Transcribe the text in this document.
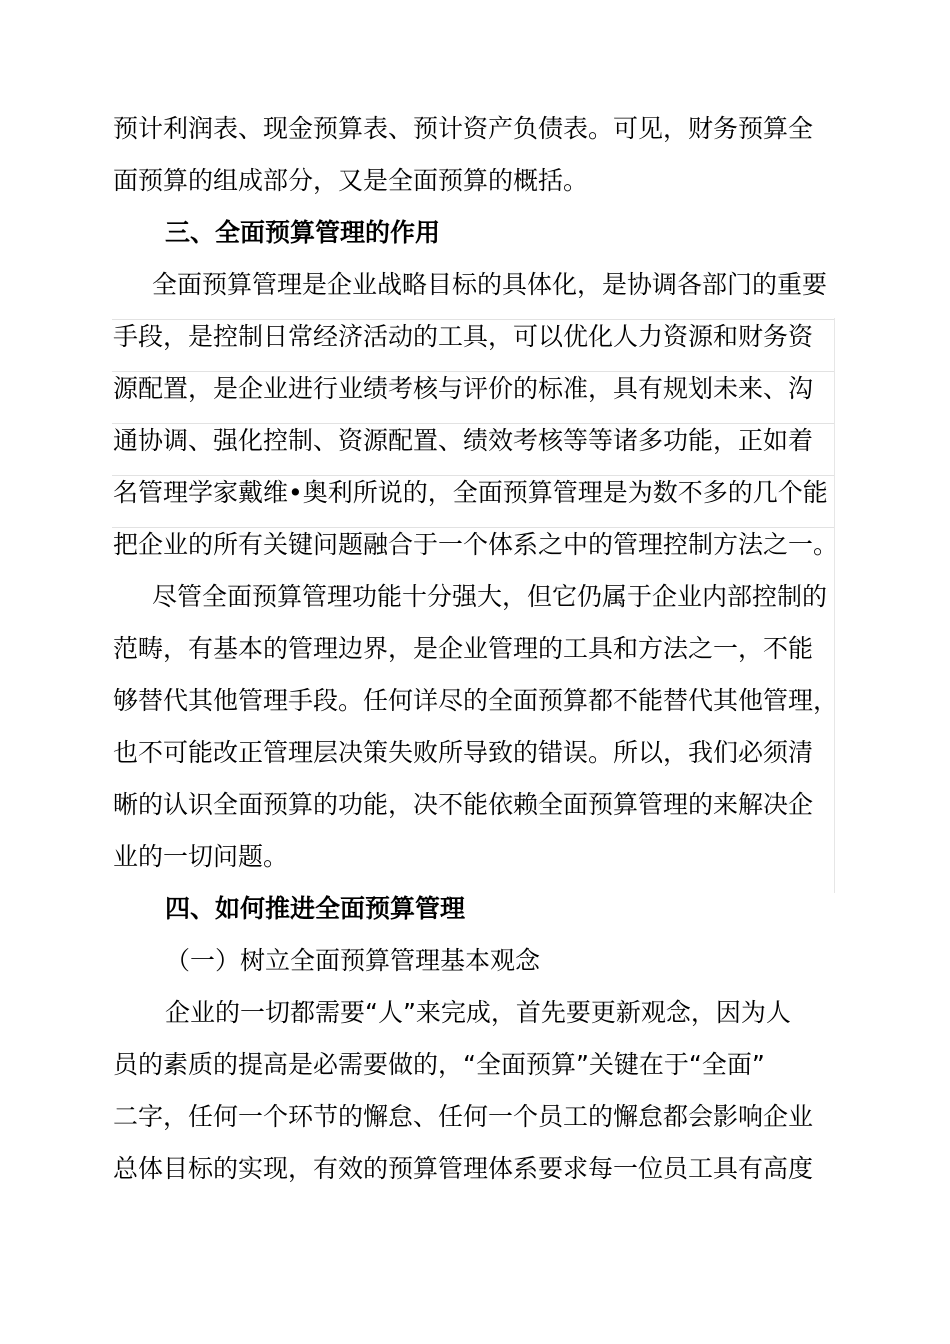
预计利润表、现金预算表、预计资产负债表。可见，财务预算全
面预算的组成部分，又是全面预算的概括。
三、全面预算管理的作用
全面预算管理是企业战略目标的具体化，是协调各部门的重要
手段，是控制日常经济活动的工具，可以优化人力资源和财务资
源配置，是企业进行业绩考核与评价的标准，具有规划未来、沟
通协调、强化控制、资源配置、绩效考核等等诸多功能，正如着
名管理学家戴维•奥利所说的，全面预算管理是为数不多的几个能
把企业的所有关键问题融合于一个体系之中的管理控制方法之一。
尽管全面预算管理功能十分强大，但它仍属于企业内部控制的
范畴，有基本的管理边界，是企业管理的工具和方法之一，不能
够替代其他管理手段。任何详尽的全面预算都不能替代其他管理，
也不可能改正管理层决策失败所导致的错误。所以，我们必须清
晰的认识全面预算的功能，决不能依赖全面预算管理的来解决企
业的一切问题。
四、如何推进全面预算管理
（一）树立全面预算管理基本观念
企业的一切都需要“人”来完成，首先要更新观念，因为人
员的素质的提高是必需要做的，“全面预算”关键在于“全面”
二字，任何一个环节的懈怠、任何一个员工的懈怠都会影响企业
总体目标的实现，有效的预算管理体系要求每一位员工具有高度
